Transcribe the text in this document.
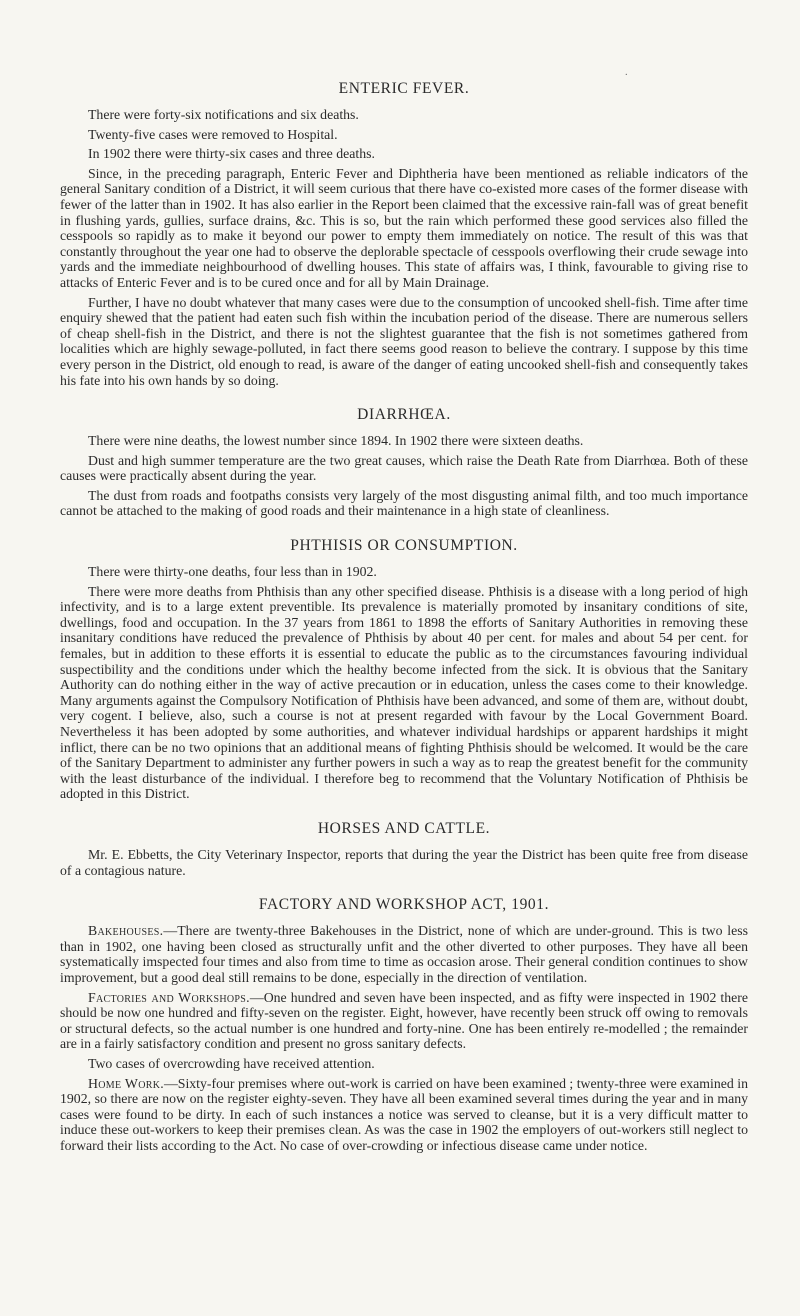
·
ENTERIC FEVER.

There were forty-six notifications and six deaths.

Twenty-five cases were removed to Hospital.

In 1902 there were thirty-six cases and three deaths.

Since, in the preceding paragraph, Enteric Fever and Diphtheria have been mentioned as reliable indicators of the general Sanitary condition of a District, it will seem curious that there have co-existed more cases of the former disease with fewer of the latter than in 1902. It has also earlier in the Report been claimed that the excessive rain-fall was of great benefit in flushing yards, gullies, surface drains, &c. This is so, but the rain which performed these good services also filled the cesspools so rapidly as to make it beyond our power to empty them immediately on notice. The result of this was that constantly throughout the year one had to observe the deplorable spectacle of cesspools overflowing their crude sewage into yards and the immediate neighbourhood of dwelling houses. This state of affairs was, I think, favourable to giving rise to attacks of Enteric Fever and is to be cured once and for all by Main Drainage.

Further, I have no doubt whatever that many cases were due to the consumption of uncooked shell-fish. Time after time enquiry shewed that the patient had eaten such fish within the incubation period of the disease. There are numerous sellers of cheap shell-fish in the District, and there is not the slightest guarantee that the fish is not sometimes gathered from localities which are highly sewage-polluted, in fact there seems good reason to believe the contrary. I suppose by this time every person in the District, old enough to read, is aware of the danger of eating uncooked shell-fish and consequently takes his fate into his own hands by so doing.

DIARRHŒA.

There were nine deaths, the lowest number since 1894. In 1902 there were sixteen deaths.

Dust and high summer temperature are the two great causes, which raise the Death Rate from Diarrhœa. Both of these causes were practically absent during the year.

The dust from roads and footpaths consists very largely of the most disgusting animal filth, and too much importance cannot be attached to the making of good roads and their maintenance in a high state of cleanliness.

PHTHISIS OR CONSUMPTION.

There were thirty-one deaths, four less than in 1902.

There were more deaths from Phthisis than any other specified disease. Phthisis is a disease with a long period of high infectivity, and is to a large extent preventible. Its prevalence is materially promoted by insanitary conditions of site, dwellings, food and occupation. In the 37 years from 1861 to 1898 the efforts of Sanitary Authorities in removing these insanitary conditions have reduced the prevalence of Phthisis by about 40 per cent. for males and about 54 per cent. for females, but in addition to these efforts it is essential to educate the public as to the circumstances favouring individual suspectibility and the conditions under which the healthy become infected from the sick. It is obvious that the Sanitary Authority can do nothing either in the way of active precaution or in education, unless the cases come to their knowledge. Many arguments against the Compulsory Notification of Phthisis have been advanced, and some of them are, without doubt, very cogent. I believe, also, such a course is not at present regarded with favour by the Local Government Board. Nevertheless it has been adopted by some authorities, and whatever individual hardships or apparent hardships it might inflict, there can be no two opinions that an additional means of fighting Phthisis should be welcomed. It would be the care of the Sanitary Department to administer any further powers in such a way as to reap the greatest benefit for the community with the least disturbance of the individual. I therefore beg to recommend that the Voluntary Notification of Phthisis be adopted in this District.

HORSES AND CATTLE.

Mr. E. Ebbetts, the City Veterinary Inspector, reports that during the year the District has been quite free from disease of a contagious nature.

FACTORY AND WORKSHOP ACT, 1901.

Bakehouses.—There are twenty-three Bakehouses in the District, none of which are under-ground. This is two less than in 1902, one having been closed as structurally unfit and the other diverted to other purposes. They have all been systematically imspected four times and also from time to time as occasion arose. Their general condition continues to show improvement, but a good deal still remains to be done, especially in the direction of ventilation.

Factories and Workshops.—One hundred and seven have been inspected, and as fifty were inspected in 1902 there should be now one hundred and fifty-seven on the register. Eight, however, have recently been struck off owing to removals or structural defects, so the actual number is one hundred and forty-nine. One has been entirely re-modelled ; the remainder are in a fairly satisfactory condition and present no gross sanitary defects.

Two cases of overcrowding have received attention.

Home Work.—Sixty-four premises where out-work is carried on have been examined ; twenty-three were examined in 1902, so there are now on the register eighty-seven. They have all been examined several times during the year and in many cases were found to be dirty. In each of such instances a notice was served to cleanse, but it is a very difficult matter to induce these out-workers to keep their premises clean. As was the case in 1902 the employers of out-workers still neglect to forward their lists according to the Act. No case of over-crowding or infectious disease came under notice.
